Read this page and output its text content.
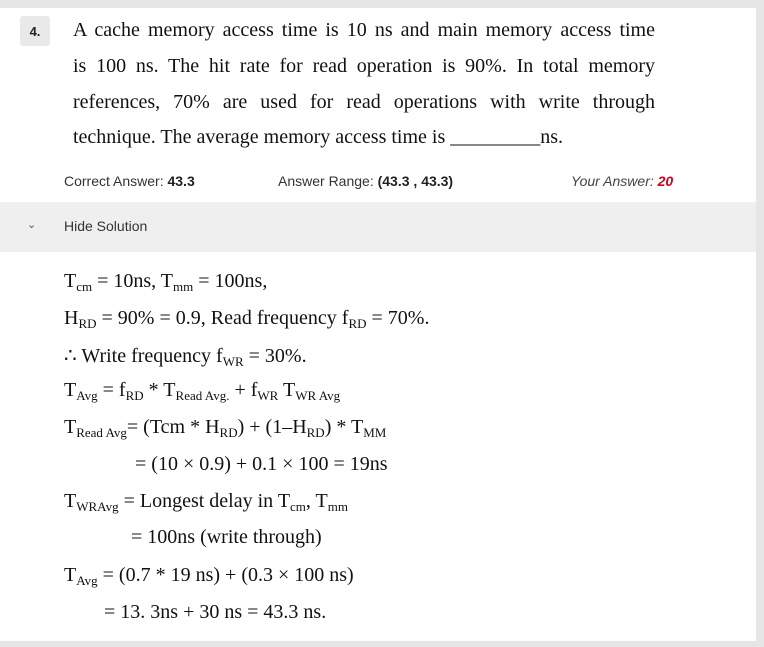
4.	A cache memory access time is 10 ns and main memory access time
is 100 ns. The hit rate for read operation is 90%. In total memory
references, 70% are used for read operations with write through
technique. The average memory access time is _________ns.
Correct Answer: 43.3	Answer Range: (43.3 , 43.3)	Your Answer: 20
⌄ Hide Solution
$T_{cm} = 10ns$, $T_{mm} = 100ns$,
$H_{RD} = 90\% = 0.9$, Read frequency $f_{RD} = 70\%$.
∴ Write frequency $f_{WR} = 30\%$.
$T_{Avg} = f_{RD} * T_{Read Avg.} + f_{WR}$ $T_{WR Avg}$
$T_{Read Avg}= (Tcm * H_{RD}) + (1-H_{RD}) * T_{MM}$
= (10 × 0.9) + 0.1 × 100 = 19ns
$T_{WRAvg}$ = Longest delay in $T_{cm}$, $T_{mm}$
= 100ns (write through)
$T_{Avg} = (0.7 * 19$ ns) + (0.3 × 100 ns)
= 13. 3ns + 30 ns = 43.3 ns.
